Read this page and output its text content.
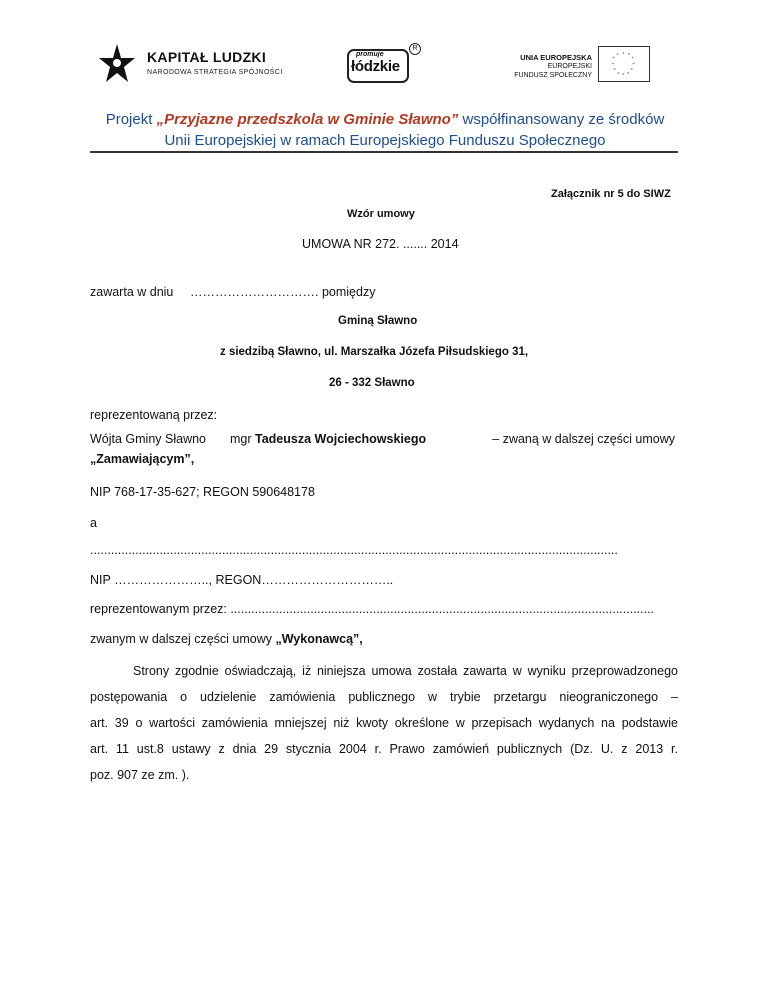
KAPITAŁ LUDZKI
NARODOWA STRATEGIA SPÓJNOŚCI
promuje
łódzkie
R
UNIA EUROPEJSKA
EUROPEJSKI
FUNDUSZ SPOŁECZNY
* *
*
*
*
*
*
*
*
*
*
*
Projekt „Przyjazne przedszkola w Gminie Sławno” współfinansowany ze środków
Unii Europejskiej w ramach Europejskiego Funduszu Społecznego
Załącznik nr 5 do SIWZ
Wzór umowy
UMOWA NR 272. ....... 2014
zawarta w dniu …………………………. pomiędzy
Gminą Sławno
z siedzibą Sławno, ul. Marszałka Józefa Piłsudskiego 31,
26 - 332 Sławno
reprezentowaną przez:
Wójta Gminy Sławno mgr Tadeusza Wojciechowskiego	– zwaną w dalszej części umowy
„Zamawiającym”,
NIP 768-17-35-627; REGON 590648178
a
........................................................................................................................................................
NIP ………………….., REGON…………………………..
reprezentowanym przez: ..........................................................................................................................
zwanym w dalszej części umowy „Wykonawcą”,
Strony zgodnie oświadczają, iż niniejsza umowa została zawarta w wyniku przeprowadzonego
postępowania o udzielenie zamówienia publicznego w trybie przetargu nieograniczonego –
art. 39 o wartości zamówienia mniejszej niż kwoty określone w przepisach wydanych na podstawie
art. 11 ust.8 ustawy z dnia 29 stycznia 2004 r. Prawo zamówień publicznych (Dz. U. z 2013 r.
poz. 907 ze zm. ).
